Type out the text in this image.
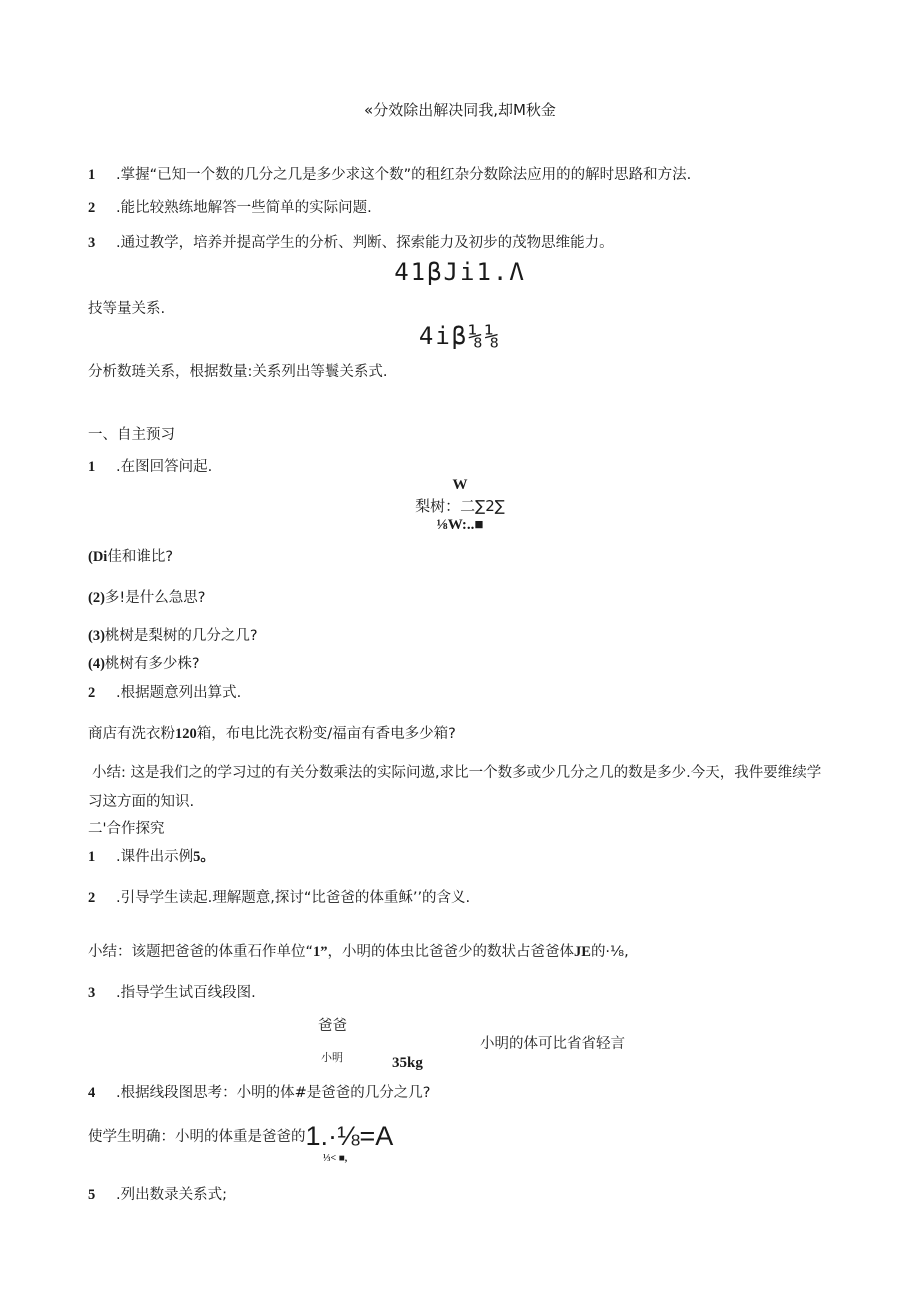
«分效除出解决同我,却M秋金
1 .掌握“已知一个数的几分之几是多少求这个数”的租红杂分数除法应用的的解时思路和方法.
2 .能比较熟练地解答一些简单的实际问题.
3 .通过教学，培养并提高学生的分析、判断、探索能力及初步的茂物思维能力。
41βJi1.Λ
技等量关系.
4iβ⅛⅛
分析数琏关系，根据数量:关系列出等鬟关系式.
一、自主预习
1 .在图回答问起.
W
梨树：二∑2∑
⅛W:..■
(Di佳和谁比?
(2)多!是什么急思?
(3)桃树是梨树的几分之几?
(4)桃树有多少株?
2 .根据题意列出算式.
商店有洗衣粉120箱，布电比洗衣粉变/福亩有香电多少箱?
小结: 这是我们之的学习过的有关分数乘法的实际问遨,求比一个数多或少几分之几的数是多少.今天，我件要维续学
习这方面的知识.
二'合作探究
1 .课件出示例5。
2 .引导学生读起.理解题意,探讨“比爸爸的体重稣’’的含义.
小结：该题把爸爸的体重石作单位“1”，小明的体虫比爸爸少的数状占爸爸体JE的·⅛,
3 .指导学生试百线段图.
爸爸
小明	35kg
小明的体可比省省轻言
4 .根据线段图思考：小明的体#是爸爸的几分之几?
使学生明确：小明的体重是爸爸的1.·⅛=A
⅓< ■,
5 .列出数录关系式;
